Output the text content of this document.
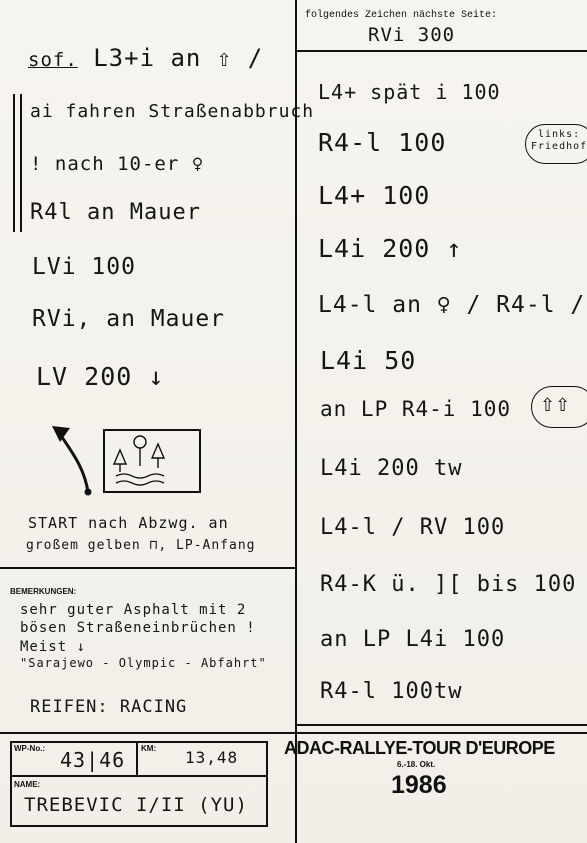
sof. L3+i an ⇧ /
ai fahren Straßenabbruch
! nach 10-er ♀
R4l an Mauer
LVi 100
RVi, an Mauer
LV 200 ↓
START nach Abzwg. an
großem gelben ⊓, LP-Anfang
folgendes Zeichen nächste Seite:
RVi 300
L4+ spät i 100
R4-l 100
L4+ 100
L4i 200 ↑
L4-l an ♀ / R4-l /
L4i 50
an LP R4-i 100
L4i 200 tw
L4-l / RV 100
R4-K ü. ][ bis 100
an LP L4i 100
R4-l 100tw
links:
Friedhof
⇧⇧
BEMERKUNGEN:
sehr guter Asphalt mit 2
bösen Straßeneinbrüchen !
Meist ↓
"Sarajewo - Olympic - Abfahrt"
REIFEN: RACING
WP-No.: 43|46 KM: 13,48
NAME:
TREBEVIC I/II (YU)
ADAC-RALLYE-TOUR D'EUROPE
6.-18. Okt.
1986
